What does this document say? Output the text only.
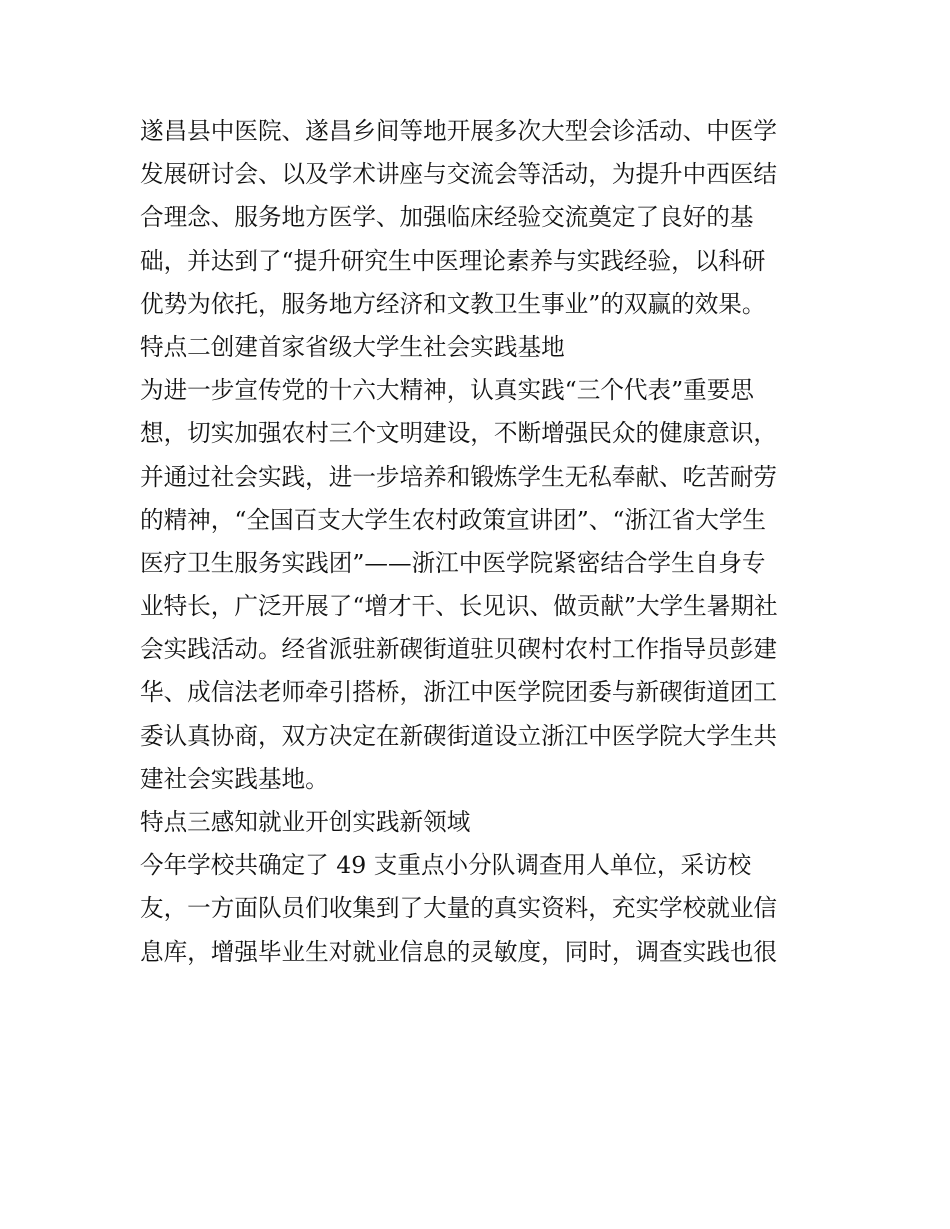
遂昌县中医院、遂昌乡间等地开展多次大型会诊活动、中医学
发展研讨会、以及学术讲座与交流会等活动，为提升中西医结
合理念、服务地方医学、加强临床经验交流奠定了良好的基
础，并达到了“提升研究生中医理论素养与实践经验，以科研
优势为依托，服务地方经济和文教卫生事业”的双赢的效果。
特点二创建首家省级大学生社会实践基地
为进一步宣传党的十六大精神，认真实践“三个代表”重要思
想，切实加强农村三个文明建设，不断增强民众的健康意识，
并通过社会实践，进一步培养和锻炼学生无私奉献、吃苦耐劳
的精神，“全国百支大学生农村政策宣讲团”、“浙江省大学生
医疗卫生服务实践团”——浙江中医学院紧密结合学生自身专
业特长，广泛开展了“增才干、长见识、做贡献”大学生暑期社
会实践活动。经省派驻新碶街道驻贝碶村农村工作指导员彭建
华、成信法老师牵引搭桥，浙江中医学院团委与新碶街道团工
委认真协商，双方决定在新碶街道设立浙江中医学院大学生共
建社会实践基地。
特点三感知就业开创实践新领域
今年学校共确定了 49 支重点小分队调查用人单位，采访校
友，一方面队员们收集到了大量的真实资料，充实学校就业信
息库，增强毕业生对就业信息的灵敏度，同时，调查实践也很
